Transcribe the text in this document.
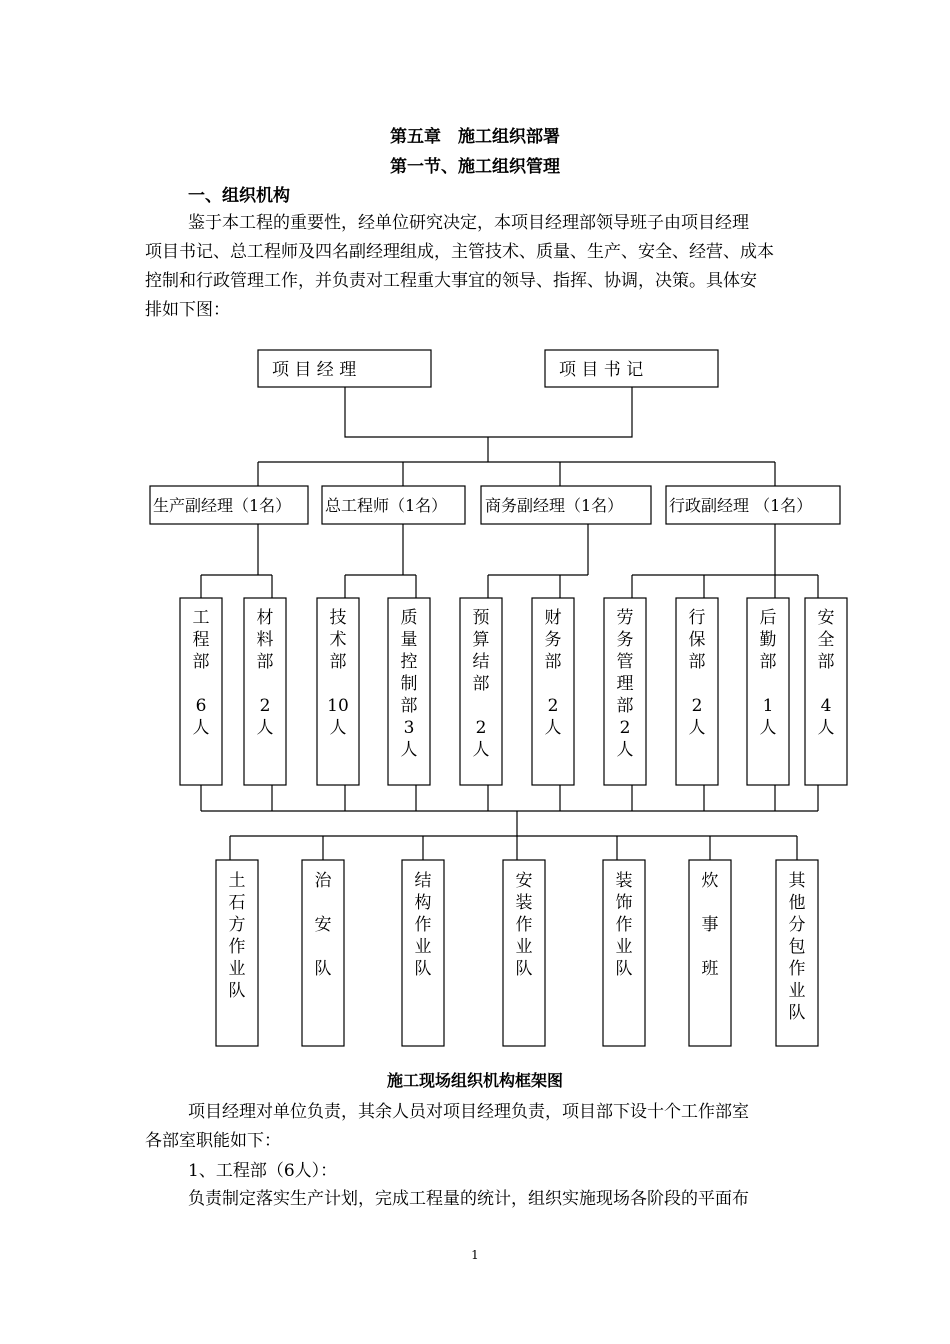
第五章　施工组织部署
第一节、施工组织管理
一、组织机构
鉴于本工程的重要性，经单位研究决定，本项目经理部领导班子由项目经理
项目书记、总工程师及四名副经理组成，主管技术、质量、生产、安全、经营、成本
控制和行政管理工作，并负责对工程重大事宜的领导、指挥、协调，决策。具体安
排如下图：
项 目 经 理	项 目 书 记
生产副经理（1名） 总工程师（1名） 商务副经理（1名）	行政副经理 （1名）
工
程
部
6
人
材
料
部
2
人
技
术
部
10
人
质
量
控
制
部
3
人
预
算
结
部
2
人
财
务
部
2
人
劳
务
管
理
部
2
人
行
保
部
2
人
后
勤
部
1
人
安
全
部
4
人
土
石
方
作
业
队
治
安
队
结
构
作
业
队
安
装
作
业
队
装
饰
作
业
队
炊
事
班
其
他
分
包
作
业
队
施工现场组织机构框架图
项目经理对单位负责，其余人员对项目经理负责，项目部下设十个工作部室
各部室职能如下：
1、工程部（6人）：
负责制定落实生产计划，完成工程量的统计，组织实施现场各阶段的平面布
1
